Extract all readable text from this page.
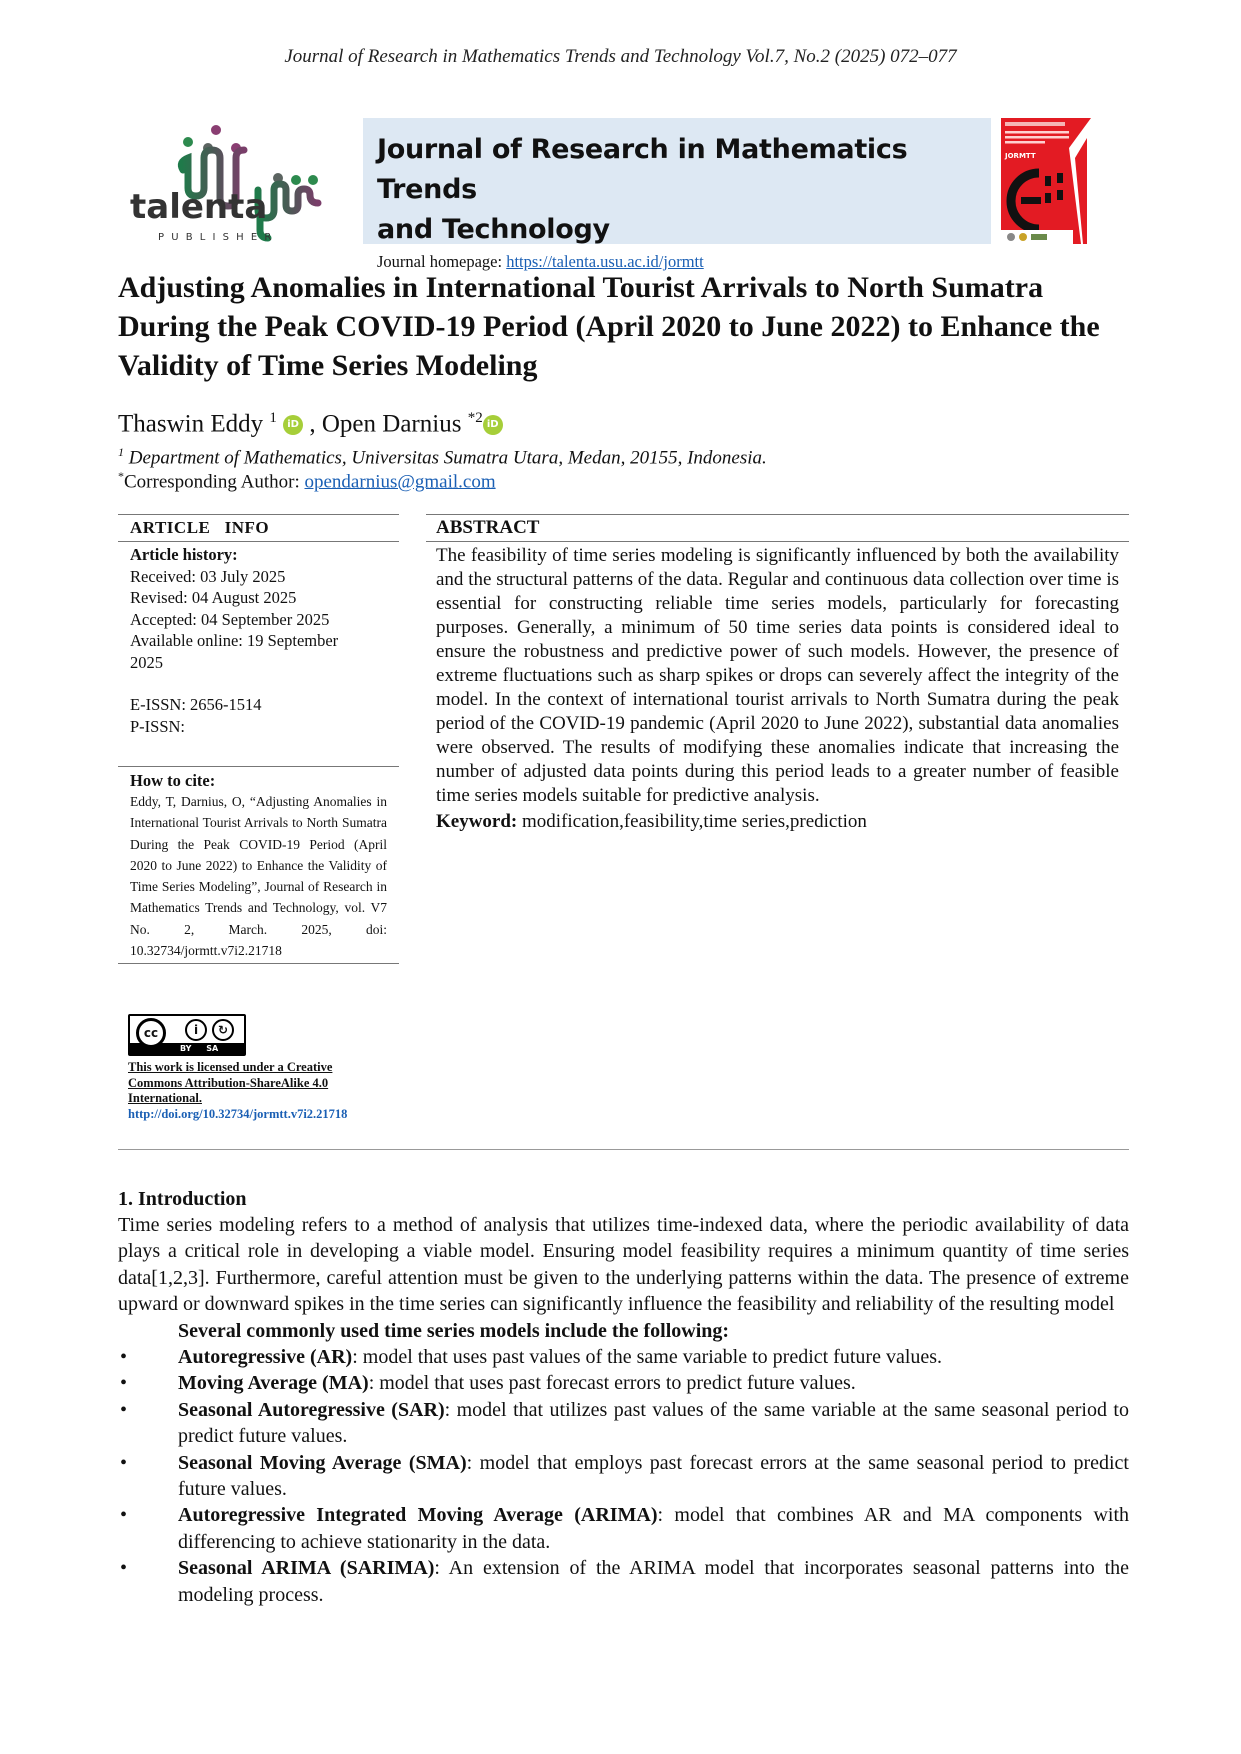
Journal of Research in Mathematics Trends and Technology Vol.7, No.2 (2025) 072–077
talenta
P U B L I S H E R
Journal of Research in Mathematics Trends
and Technology
Journal homepage: https://talenta.usu.ac.id/jormtt
JORMTT
Adjusting Anomalies in International Tourist Arrivals to North Sumatra During the Peak COVID-19 Period (April 2020 to June 2022) to Enhance the Validity of Time Series Modeling
Thaswin Eddy $^1$ iD , Open Darnius $^{*2}$ iD
$^1$ Department of Mathematics, Universitas Sumatra Utara, Medan, 20155, Indonesia.
*Corresponding Author: opendarnius@gmail.com
ARTICLE   INFO
Article history:
Received: 03 July 2025
Revised: 04 August 2025
Accepted: 04 September 2025
Available online: 19 September 2025
E-ISSN: 2656-1514
P-ISSN:
How to cite:
Eddy, T, Darnius, O, “Adjusting Anomalies in International Tourist Arrivals to North Sumatra During the Peak COVID-19 Period (April 2020 to June 2022) to Enhance the Validity of Time Series Modeling”, Journal of Research in Mathematics Trends and Technology, vol. V7 No. 2, March. 2025, doi: 10.32734/jormtt.v7i2.21718
cc	i	↻
BY SA
This work is licensed under a Creative Commons Attribution-ShareAlike 4.0 International.
http://doi.org/10.32734/jormtt.v7i2.21718
ABSTRACT
The feasibility of time series modeling is significantly influenced by both the availability and the structural patterns of the data. Regular and continuous data collection over time is essential for constructing reliable time series models, particularly for forecasting purposes. Generally, a minimum of 50 time series data points is considered ideal to ensure the robustness and predictive power of such models. However, the presence of extreme fluctuations such as sharp spikes or drops can severely affect the integrity of the model. In the context of international tourist arrivals to North Sumatra during the peak period of the COVID-19 pandemic (April 2020 to June 2022), substantial data anomalies were observed. The results of modifying these anomalies indicate that increasing the number of adjusted data points during this period leads to a greater number of feasible time series models suitable for predictive analysis.
Keyword: modification,feasibility,time series,prediction
1. Introduction

Time series modeling refers to a method of analysis that utilizes time-indexed data, where the periodic availability of data plays a critical role in developing a viable model. Ensuring model feasibility requires a minimum quantity of time series data[1,2,3]. Furthermore, careful attention must be given to the underlying patterns within the data. The presence of extreme upward or downward spikes in the time series can significantly influence the feasibility and reliability of the resulting model

Several commonly used time series models include the following:
•	Autoregressive (AR): model that uses past values of the same variable to predict future values.
•	Moving Average (MA): model that uses past forecast errors to predict future values.
•	Seasonal Autoregressive (SAR): model that utilizes past values of the same variable at the same seasonal period to predict future values.
•	Seasonal Moving Average (SMA): model that employs past forecast errors at the same seasonal period to predict future values.
•	Autoregressive Integrated Moving Average (ARIMA): model that combines AR and MA components with differencing to achieve stationarity in the data.
•	Seasonal ARIMA (SARIMA): An extension of the ARIMA model that incorporates seasonal patterns into the modeling process.
